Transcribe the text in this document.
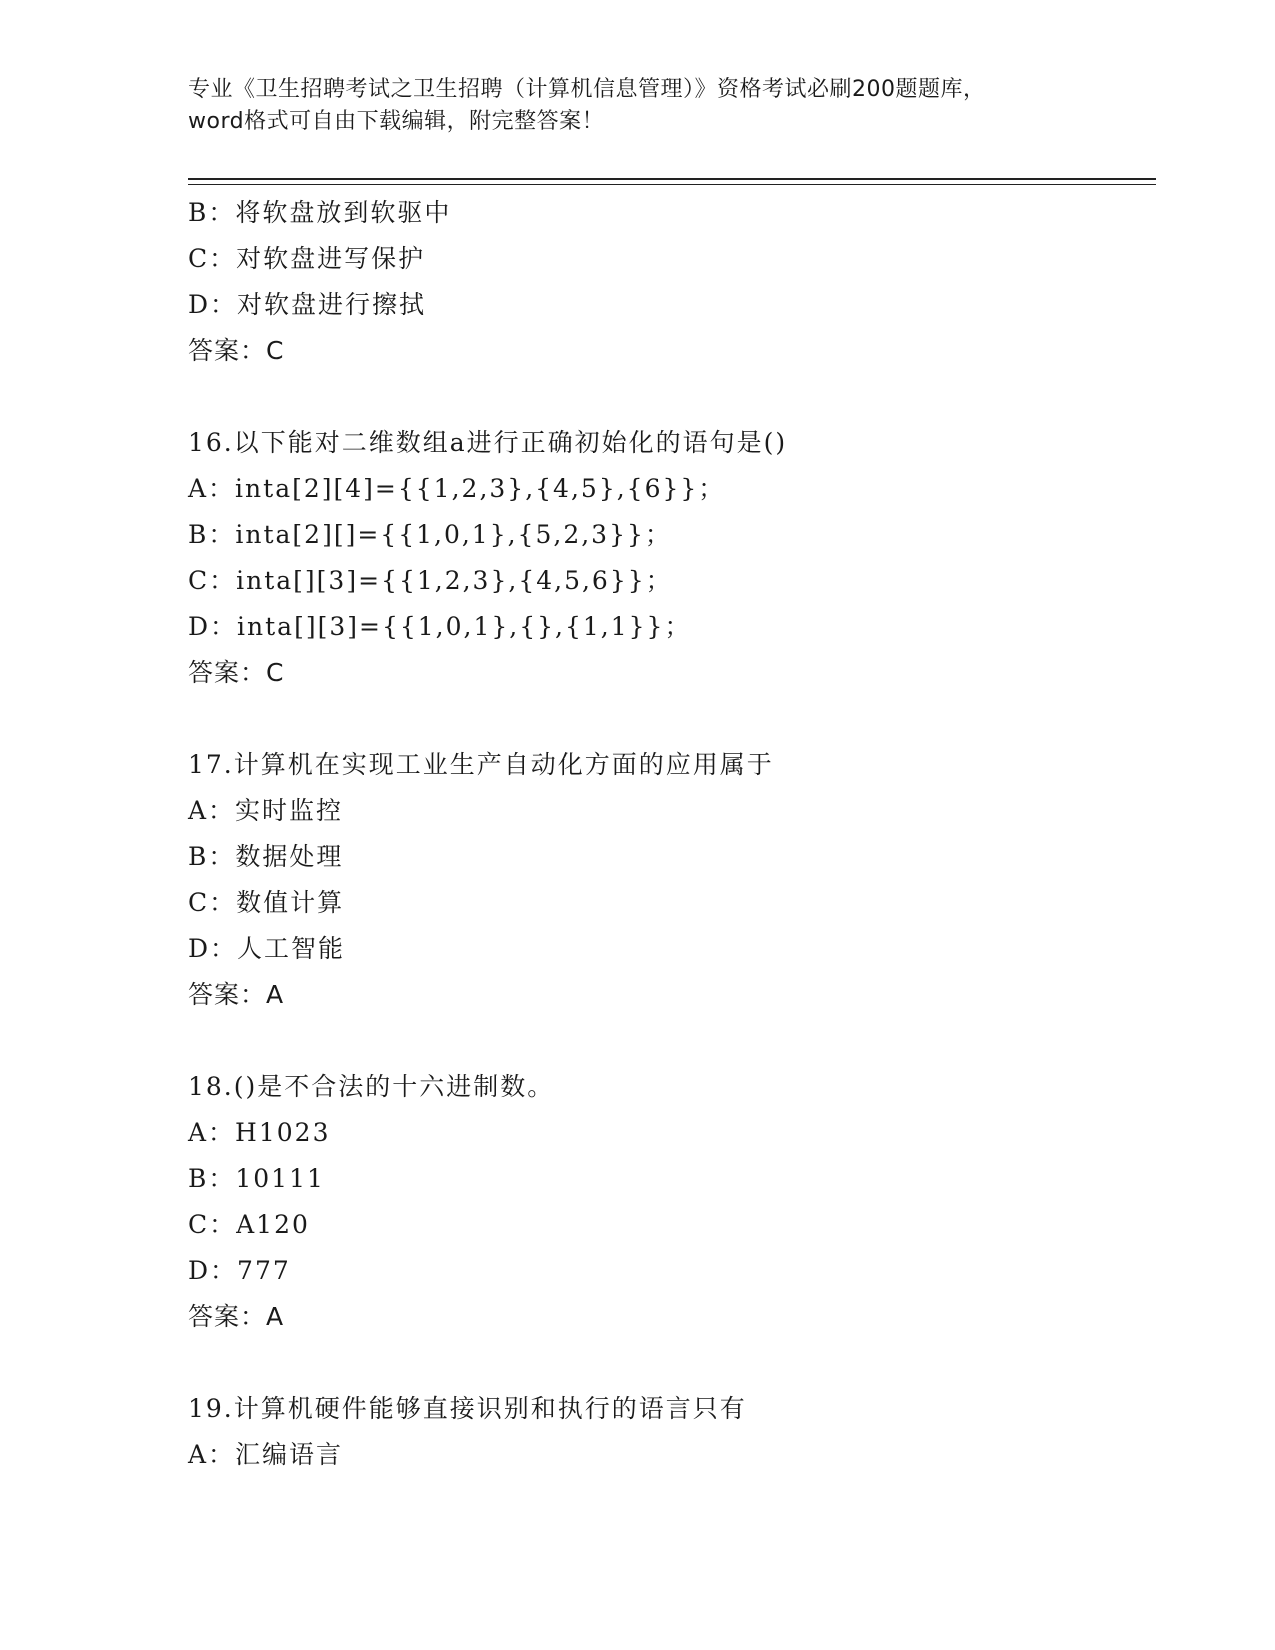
专业《卫生招聘考试之卫生招聘（计算机信息管理）》资格考试必刷200题题库，
word格式可自由下载编辑，附完整答案！
B：将软盘放到软驱中
C：对软盘进写保护
D：对软盘进行擦拭
答案：C
16.以下能对二维数组a进行正确初始化的语句是()
A：inta[2][4]={{1,2,3},{4,5},{6}}；
B：inta[2][]={{1,0,1},{5,2,3}}；
C：inta[][3]={{1,2,3},{4,5,6}}；
D：inta[][3]={{1,0,1},{},{1,1}}；
答案：C
17.计算机在实现工业生产自动化方面的应用属于
A：实时监控
B：数据处理
C：数值计算
D：人工智能
答案：A
18.()是不合法的十六进制数。
A：H1023
B：10111
C：A120
D：777
答案：A
19.计算机硬件能够直接识别和执行的语言只有
A：汇编语言
